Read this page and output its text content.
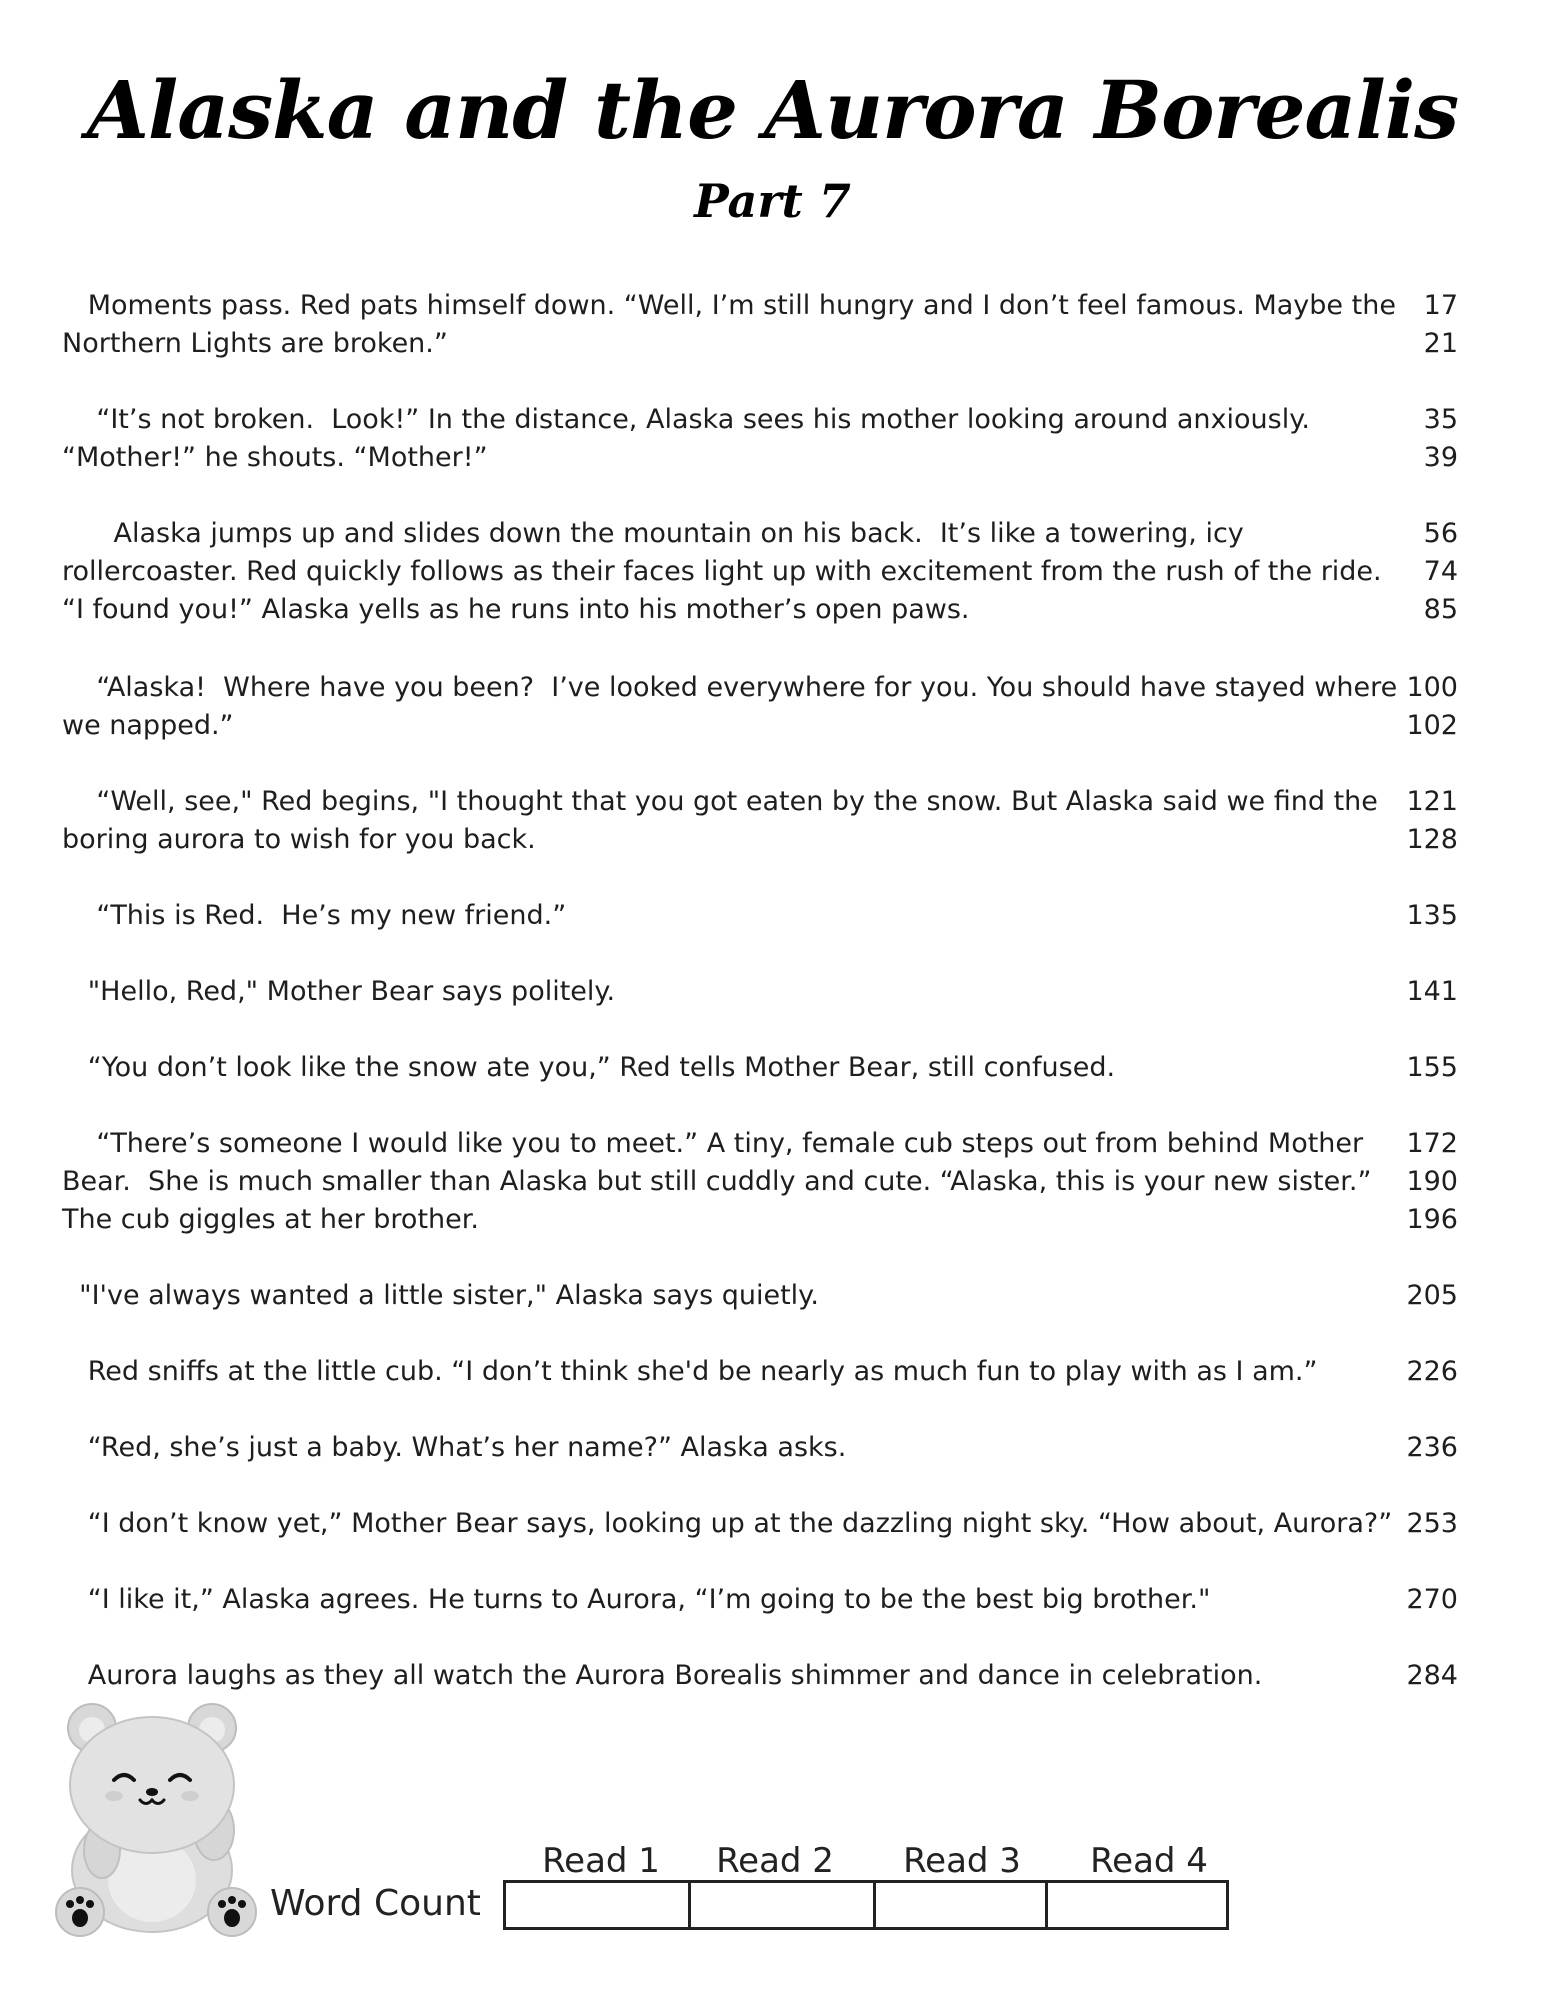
Alaska and the Aurora Borealis
Part 7
Moments pass. Red pats himself down. “Well, I’m still hungry and I don’t feel famous. Maybe the	17
Northern Lights are broken.”	21
“It’s not broken.  Look!” In the distance, Alaska sees his mother looking around anxiously.	35
“Mother!” he shouts. “Mother!”	39
Alaska jumps up and slides down the mountain on his back.  It’s like a towering, icy	56
rollercoaster. Red quickly follows as their faces light up with excitement from the rush of the ride.	74
“I found you!” Alaska yells as he runs into his mother’s open paws.	85
“Alaska!  Where have you been?  I’ve looked everywhere for you. You should have stayed where 100
we napped.”	102
“Well, see," Red begins, "I thought that you got eaten by the snow. But Alaska said we find the	121
boring aurora to wish for you back.	128
“This is Red.  He’s my new friend.”	135
"Hello, Red," Mother Bear says politely.	141
“You don’t look like the snow ate you,” Red tells Mother Bear, still confused.	155
“There’s someone I would like you to meet.” A tiny, female cub steps out from behind Mother	172
Bear.  She is much smaller than Alaska but still cuddly and cute. “Alaska, this is your new sister.”	190
The cub giggles at her brother.	196
"I've always wanted a little sister," Alaska says quietly.	205
Red sniffs at the little cub. “I don’t think she'd be nearly as much fun to play with as I am.”	226
“Red, she’s just a baby. What’s her name?” Alaska asks.	236
“I don’t know yet,” Mother Bear says, looking up at the dazzling night sky. “How about, Aurora?” 253
“I like it,” Alaska agrees. He turns to Aurora, “I’m going to be the best big brother."	270
Aurora laughs as they all watch the Aurora Borealis shimmer and dance in celebration.	284
Word Count
Read 1	Read 2	Read 3	Read 4
